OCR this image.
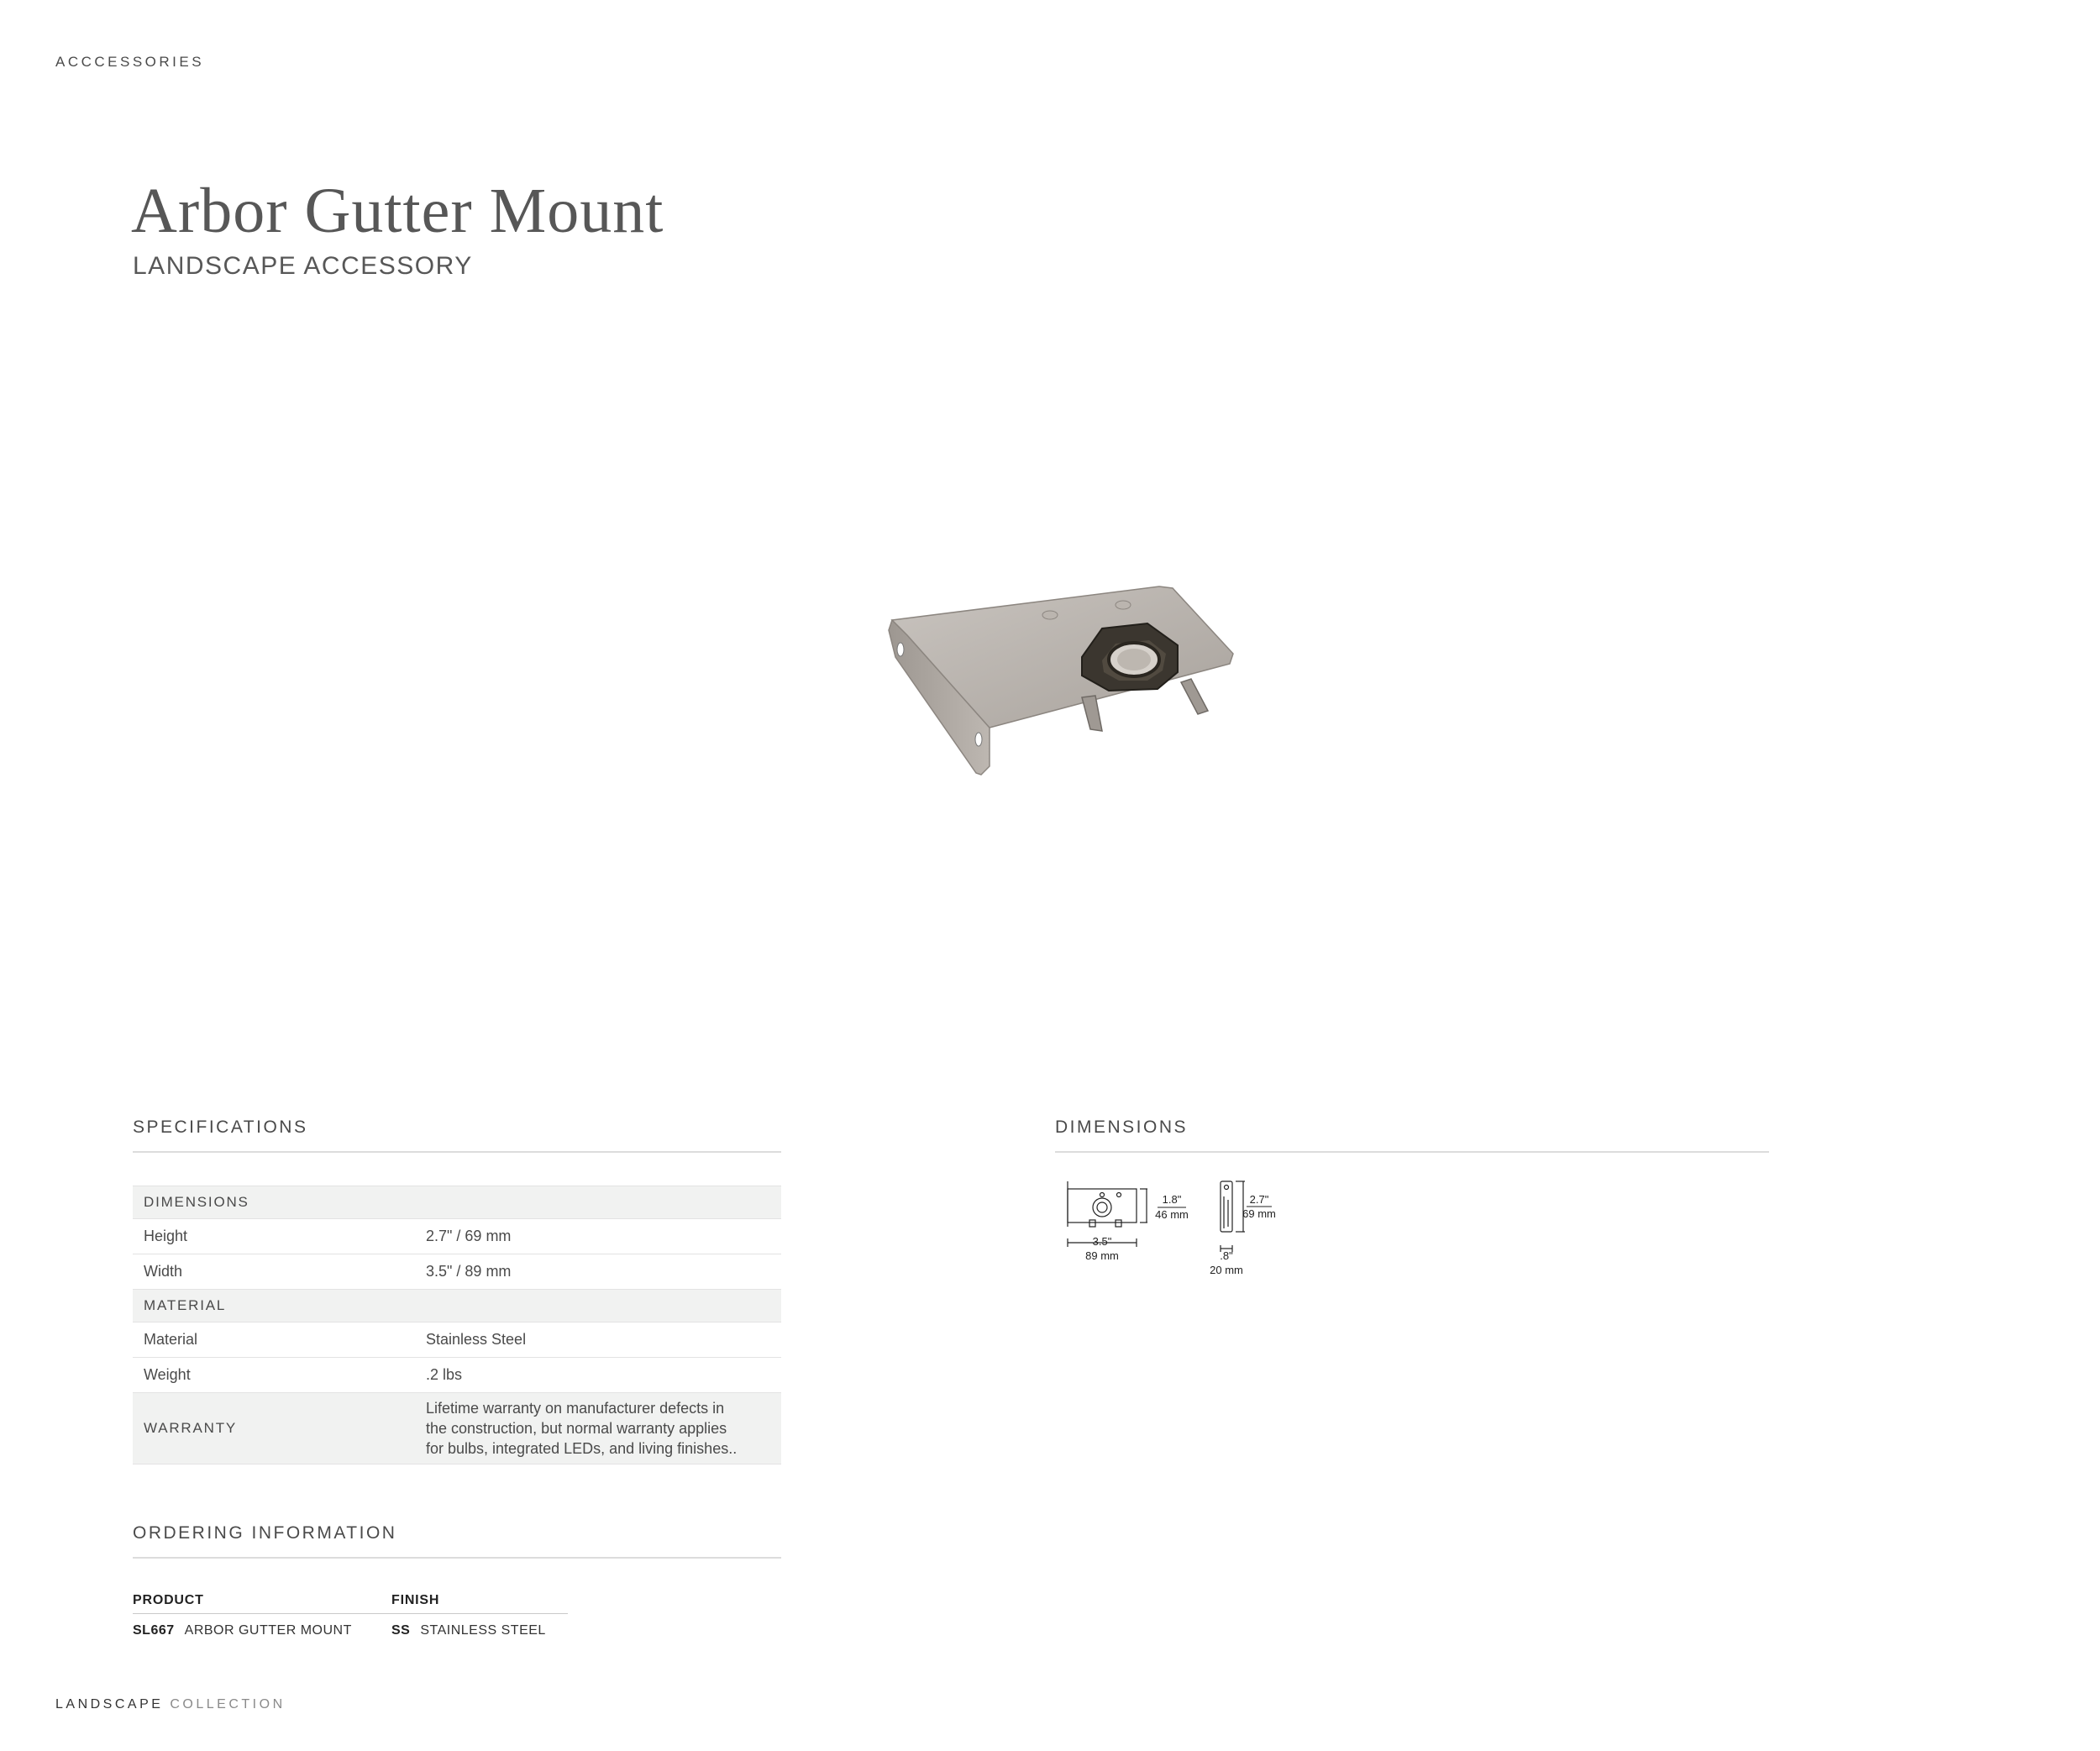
ACCCESSORIES
Arbor Gutter Mount
LANDSCAPE ACCESSORY
SPECIFICATIONS
DIMENSIONS	
Height	2.7" / 69 mm
Width	3.5" / 89 mm
MATERIAL	
Material	Stainless Steel
Weight	.2 lbs
WARRANTY	Lifetime warranty on manufacturer defects in
the construction, but normal warranty applies
for bulbs, integrated LEDs, and living finishes..
DIMENSIONS
1.8"
46 mm
3.5"
89 mm
2.7"
69 mm
.8"
20 mm
ORDERING INFORMATION
PRODUCT	FINISH
SL667 ARBOR GUTTER MOUNT	SS STAINLESS STEEL
LANDSCAPE COLLECTION
